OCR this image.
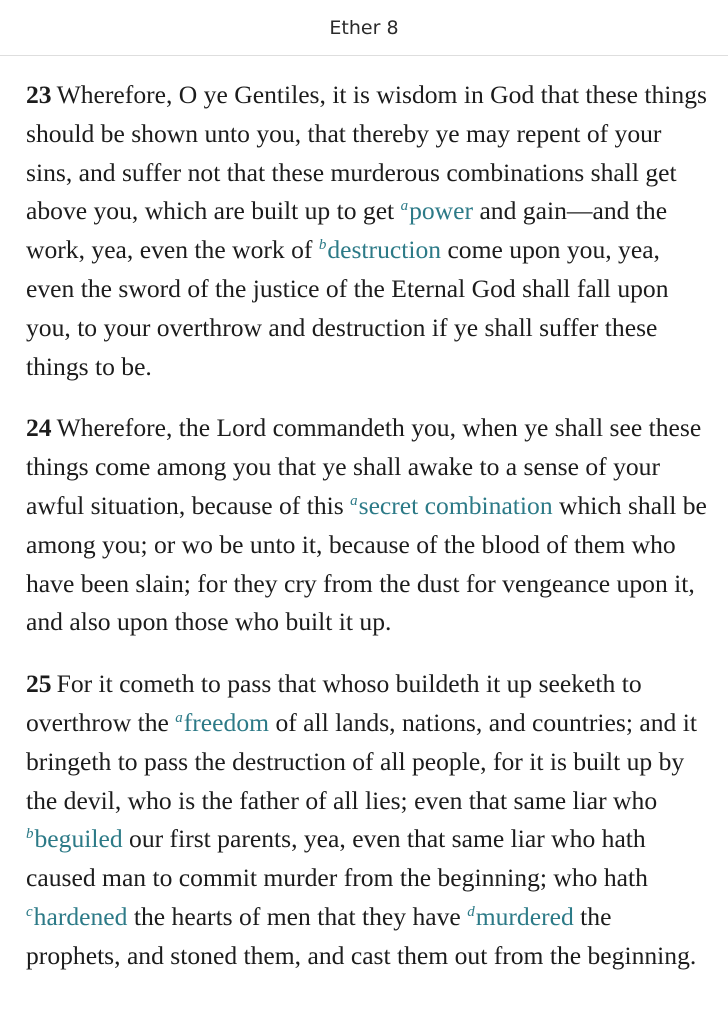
Ether 8

23 Wherefore, O ye Gentiles, it is wisdom in God that these things should be shown unto you, that thereby ye may repent of your sins, and suffer not that these murderous combinations shall get above you, which are built up to get $^a$power and gain—and the work, yea, even the work of $^b$destruction come upon you, yea, even the sword of the justice of the Eternal God shall fall upon you, to your overthrow and destruction if ye shall suffer these things to be.

24 Wherefore, the Lord commandeth you, when ye shall see these things come among you that ye shall awake to a sense of your awful situation, because of this $^a$secret combination which shall be among you; or wo be unto it, because of the blood of them who have been slain; for they cry from the dust for vengeance upon it, and also upon those who built it up.

25 For it cometh to pass that whoso buildeth it up seeketh to overthrow the $^a$freedom of all lands, nations, and countries; and it bringeth to pass the destruction of all people, for it is built up by the devil, who is the father of all lies; even that same liar who $^b$beguiled our first parents, yea, even that same liar who hath caused man to commit murder from the beginning; who hath $^c$hardened the hearts of men that they have $^d$murdered the prophets, and stoned them, and cast them out from the beginning.
